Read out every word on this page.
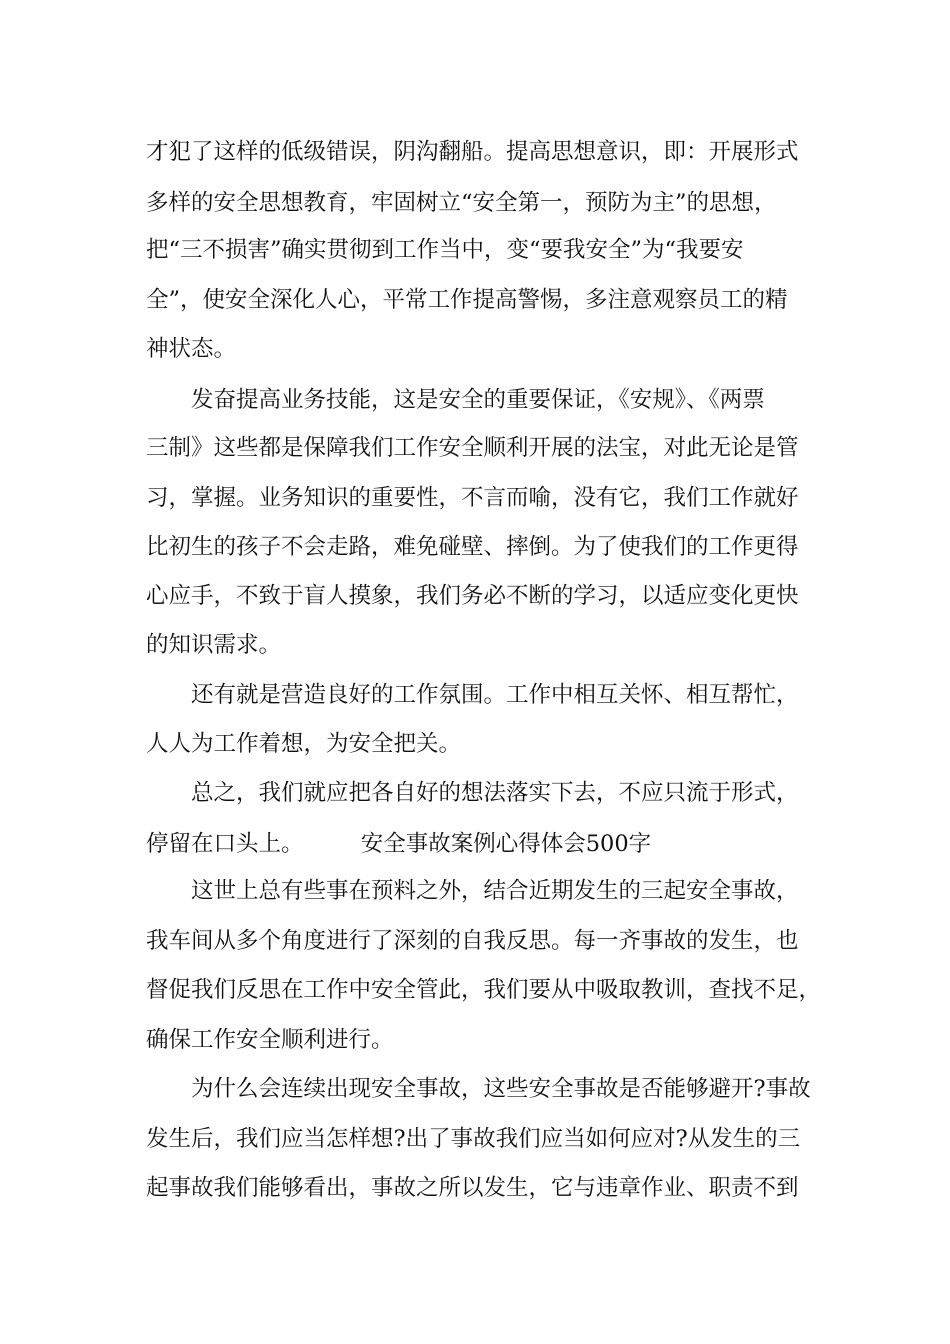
才犯了这样的低级错误，阴沟翻船。提高思想意识，即：开展形式
多样的安全思想教育，牢固树立“安全第一，预防为主”的思想，
把“三不损害”确实贯彻到工作当中，变“要我安全”为“我要安
全”，使安全深化人心，平常工作提高警惕，多注意观察员工的精
神状态。
发奋提高业务技能，这是安全的重要保证，《安规》、《两票
三制》这些都是保障我们工作安全顺利开展的法宝，对此无论是管
习，掌握。业务知识的重要性，不言而喻，没有它，我们工作就好
比初生的孩子不会走路，难免碰壁、摔倒。为了使我们的工作更得
心应手，不致于盲人摸象，我们务必不断的学习，以适应变化更快
的知识需求。
还有就是营造良好的工作氛围。工作中相互关怀、相互帮忙，
人人为工作着想，为安全把关。
总之，我们就应把各自好的想法落实下去，不应只流于形式，
停留在口头上。        安全事故案例心得体会500字
这世上总有些事在预料之外，结合近期发生的三起安全事故，
我车间从多个角度进行了深刻的自我反思。每一齐事故的发生，也
督促我们反思在工作中安全管此，我们要从中吸取教训，查找不足，
确保工作安全顺利进行。
为什么会连续出现安全事故，这些安全事故是否能够避开?事故
发生后，我们应当怎样想?出了事故我们应当如何应对?从发生的三
起事故我们能够看出，事故之所以发生，它与违章作业、职责不到
